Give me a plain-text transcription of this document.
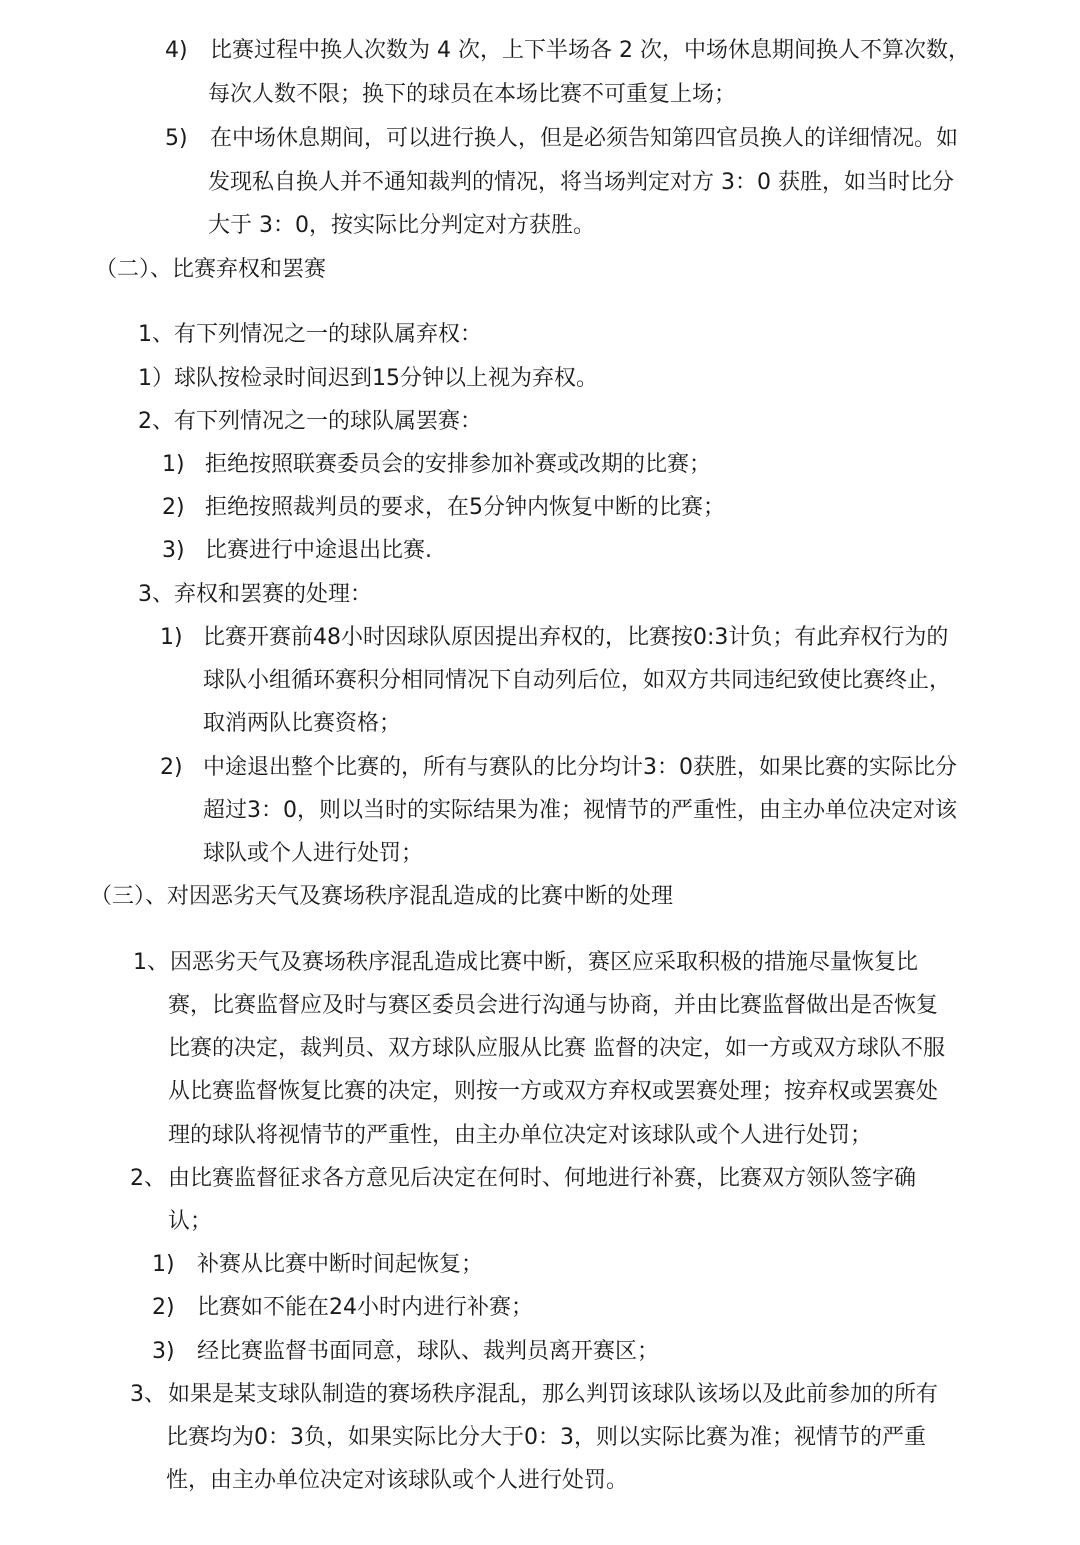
4) 比赛过程中换人次数为 4 次，上下半场各 2 次，中场休息期间换人不算次数，
每次人数不限；换下的球员在本场比赛不可重复上场；
5) 在中场休息期间，可以进行换人，但是必须告知第四官员换人的详细情况。如
发现私自换人并不通知裁判的情况，将当场判定对方 3：0 获胜，如当时比分
大于 3：0，按实际比分判定对方获胜。
（二）、比赛弃权和罢赛
1、有下列情况之一的球队属弃权：
1）球队按检录时间迟到15分钟以上视为弃权。
2、有下列情况之一的球队属罢赛：
1) 拒绝按照联赛委员会的安排参加补赛或改期的比赛；
2) 拒绝按照裁判员的要求，在5分钟内恢复中断的比赛；
3) 比赛进行中途退出比赛.
3、弃权和罢赛的处理：
1) 比赛开赛前48小时因球队原因提出弃权的，比赛按0:3计负；有此弃权行为的
球队小组循环赛积分相同情况下自动列后位，如双方共同违纪致使比赛终止，
取消两队比赛资格；
2) 中途退出整个比赛的，所有与赛队的比分均计3：0获胜，如果比赛的实际比分
超过3：0，则以当时的实际结果为准；视情节的严重性，由主办单位决定对该
球队或个人进行处罚；
（三）、对因恶劣天气及赛场秩序混乱造成的比赛中断的处理
1、 因恶劣天气及赛场秩序混乱造成比赛中断，赛区应采取积极的措施尽量恢复比
赛，比赛监督应及时与赛区委员会进行沟通与协商，并由比赛监督做出是否恢复
比赛的决定，裁判员、双方球队应服从比赛 监督的决定，如一方或双方球队不服
从比赛监督恢复比赛的决定，则按一方或双方弃权或罢赛处理；按弃权或罢赛处
理的球队将视情节的严重性，由主办单位决定对该球队或个人进行处罚；
2、 由比赛监督征求各方意见后决定在何时、何地进行补赛，比赛双方领队签字确
认；
1) 补赛从比赛中断时间起恢复；
2) 比赛如不能在24小时内进行补赛；
3) 经比赛监督书面同意，球队、裁判员离开赛区；
3、 如果是某支球队制造的赛场秩序混乱，那么判罚该球队该场以及此前参加的所有
比赛均为0：3负，如果实际比分大于0：3，则以实际比赛为准；视情节的严重
性，由主办单位决定对该球队或个人进行处罚。
